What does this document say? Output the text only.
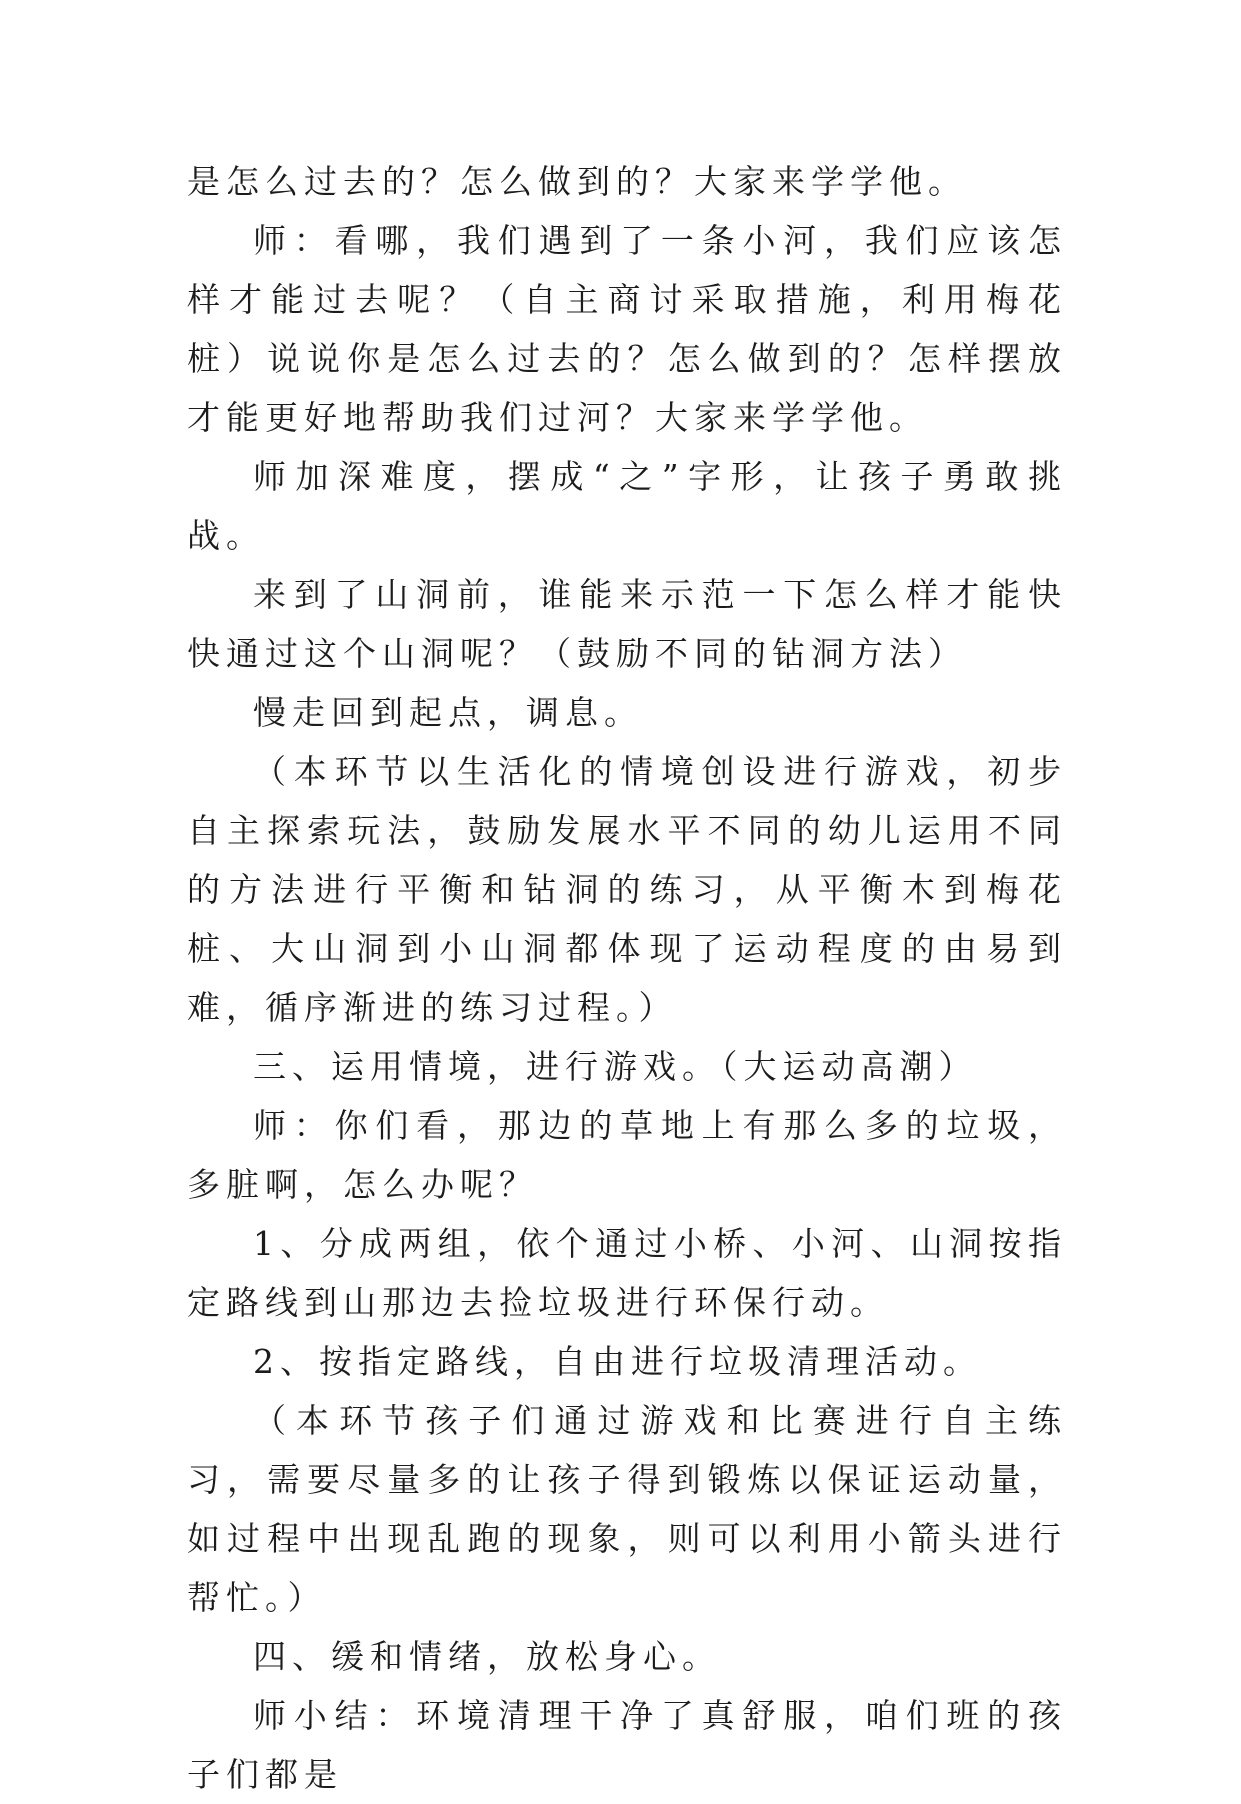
是怎么过去的？怎么做到的？大家来学学他。

师：看哪，我们遇到了一条小河，我们应该怎样才能过去呢？（自主商讨采取措施，利用梅花桩）说说你是怎么过去的？怎么做到的？怎样摆放才能更好地帮助我们过河？大家来学学他。

师加深难度，摆成“之”字形，让孩子勇敢挑战。

来到了山洞前，谁能来示范一下怎么样才能快快通过这个山洞呢？（鼓励不同的钻洞方法）

慢走回到起点，调息。

（本环节以生活化的情境创设进行游戏，初步自主探索玩法，鼓励发展水平不同的幼儿运用不同的方法进行平衡和钻洞的练习，从平衡木到梅花桩、大山洞到小山洞都体现了运动程度的由易到难，循序渐进的练习过程。）

三、运用情境，进行游戏。（大运动高潮）

师：你们看，那边的草地上有那么多的垃圾，多脏啊，怎么办呢？

1、分成两组，依个通过小桥、小河、山洞按指定路线到山那边去捡垃圾进行环保行动。

2、按指定路线，自由进行垃圾清理活动。

（本环节孩子们通过游戏和比赛进行自主练习，需要尽量多的让孩子得到锻炼以保证运动量，如过程中出现乱跑的现象，则可以利用小箭头进行帮忙。）

四、缓和情绪，放松身心。

师小结：环境清理干净了真舒服，咱们班的孩子们都是
